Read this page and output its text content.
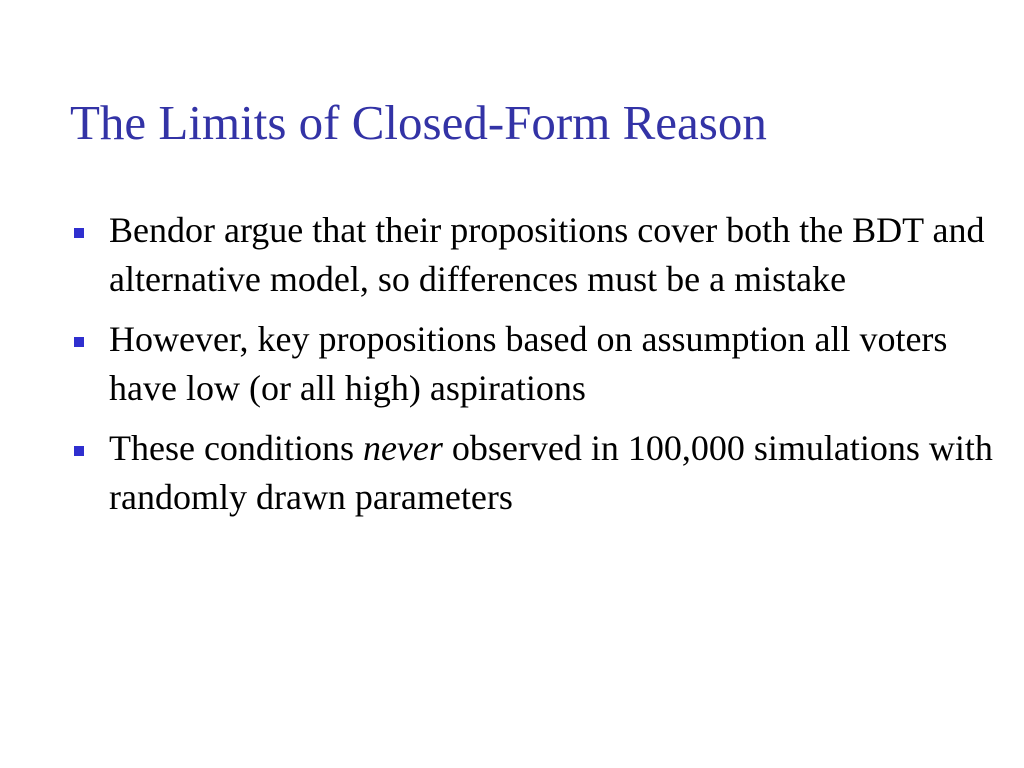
The Limits of Closed-Form Reason
Bendor argue that their propositions cover both the BDT and alternative model, so differences must be a mistake
However, key propositions based on assumption all voters have low (or all high) aspirations
These conditions never observed in 100,000 simulations with randomly drawn parameters
